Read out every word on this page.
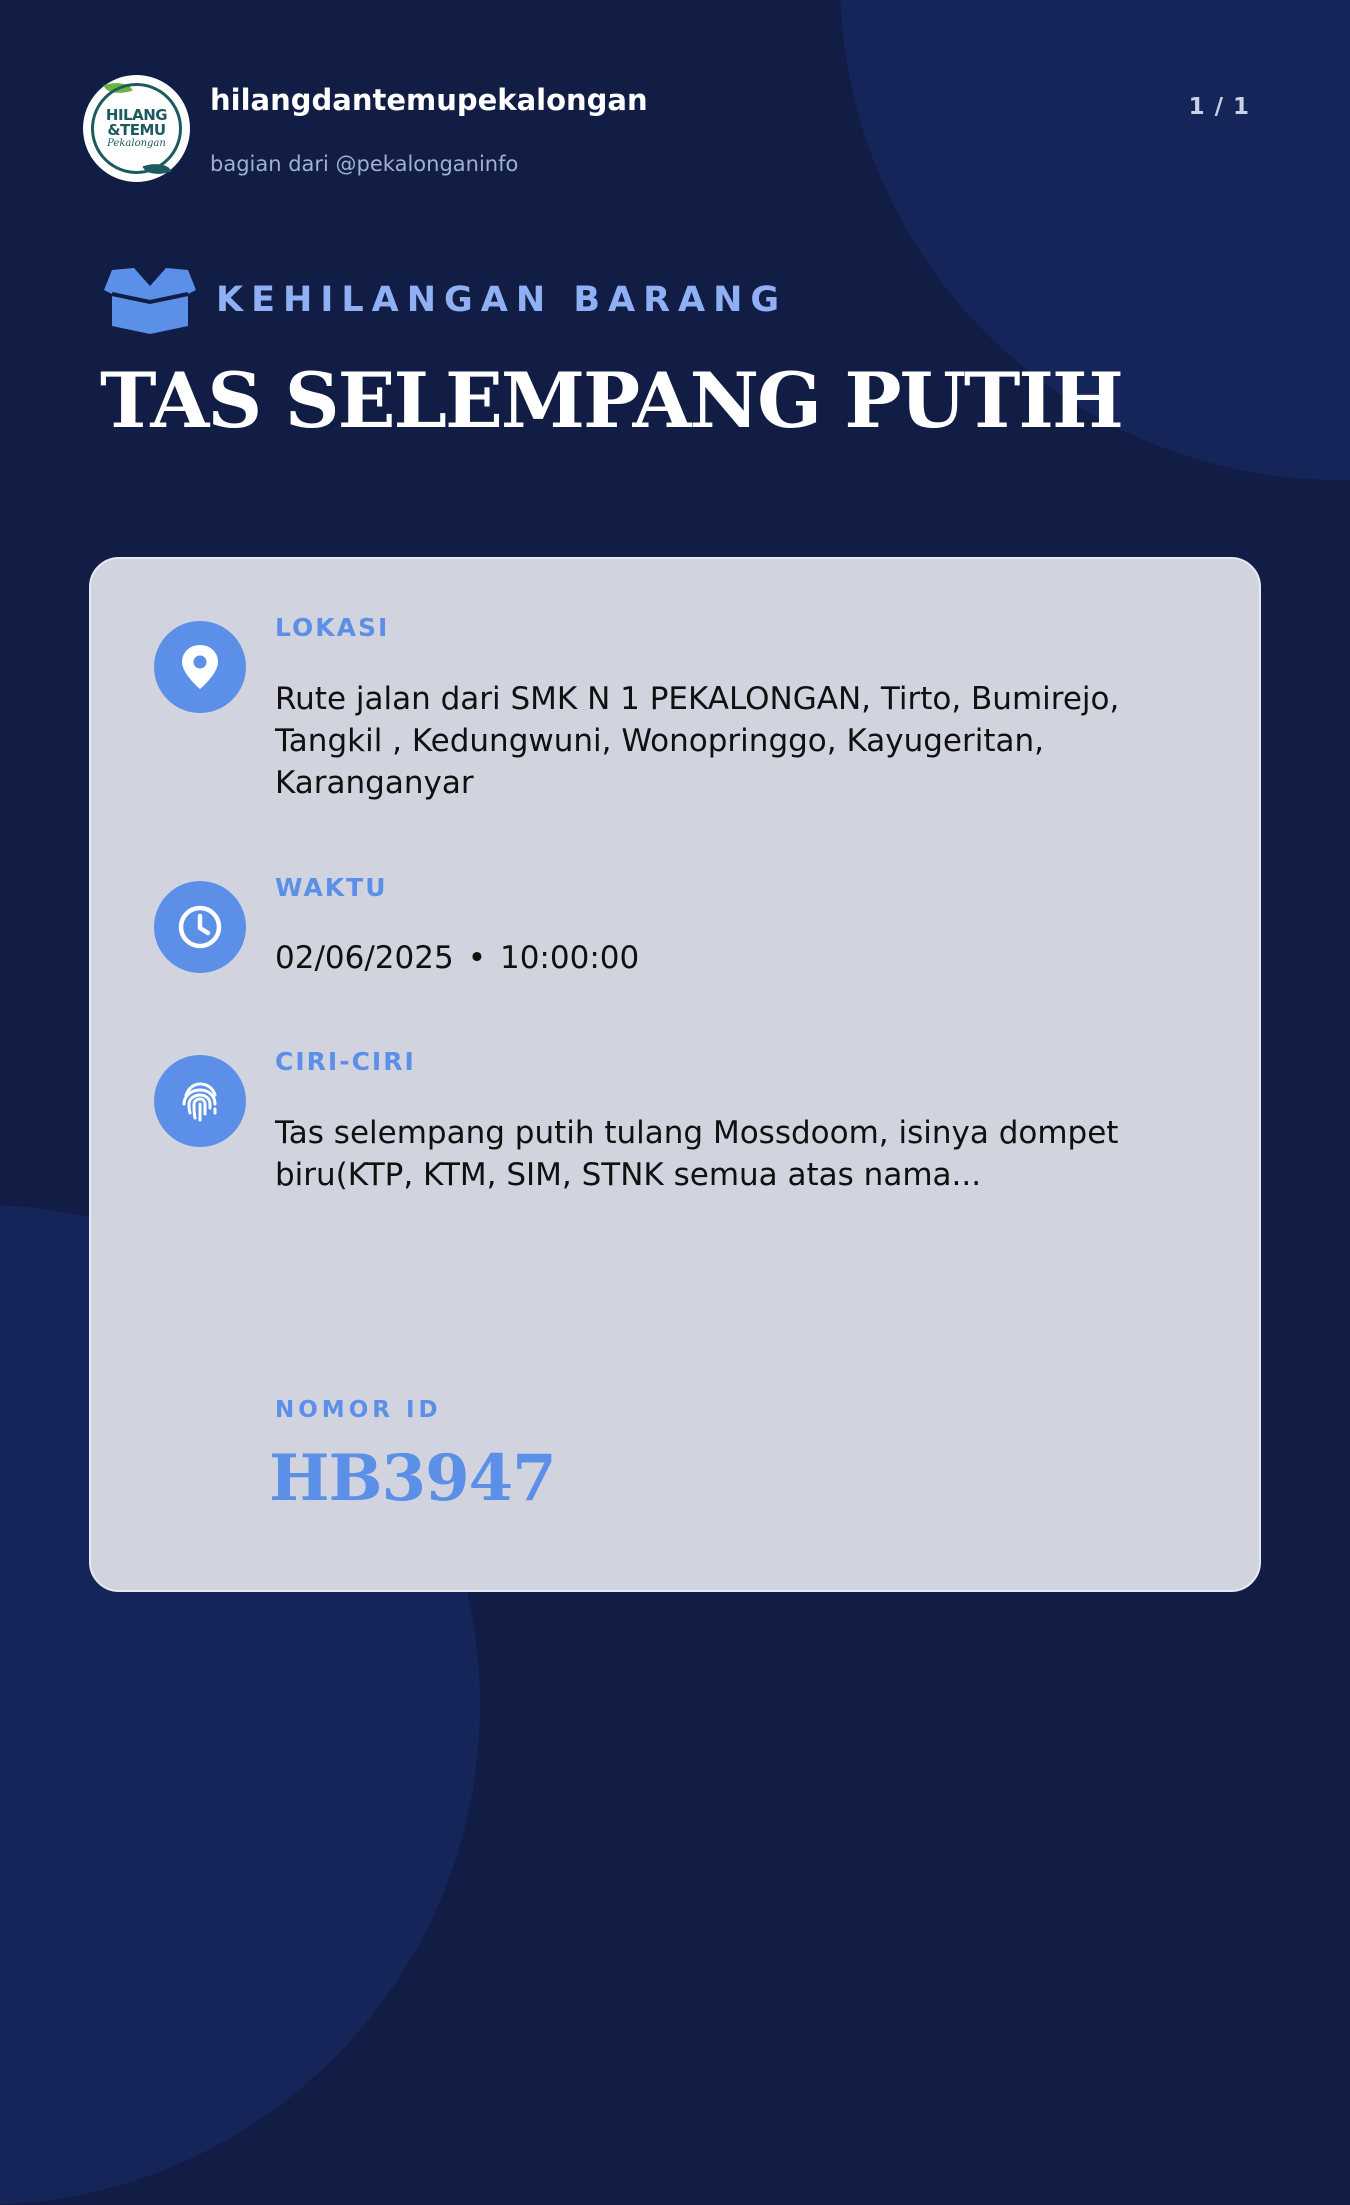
HILANG
&TEMU
Pekalongan
hilangdantemupekalongan
bagian dari @pekalonganinfo
1 / 1
KEHILANGAN BARANG
TAS SELEMPANG PUTIH
LOKASI
Rute jalan dari SMK N 1 PEKALONGAN, Tirto, Bumirejo, Tangkil , Kedungwuni, Wonopringgo, Kayugeritan, Karanganyar
WAKTU
02/06/2025 • 10:00:00
CIRI-CIRI
Tas selempang putih tulang Mossdoom, isinya dompet biru(KTP, KTM, SIM, STNK semua atas nama...
NOMOR ID
HB3947
